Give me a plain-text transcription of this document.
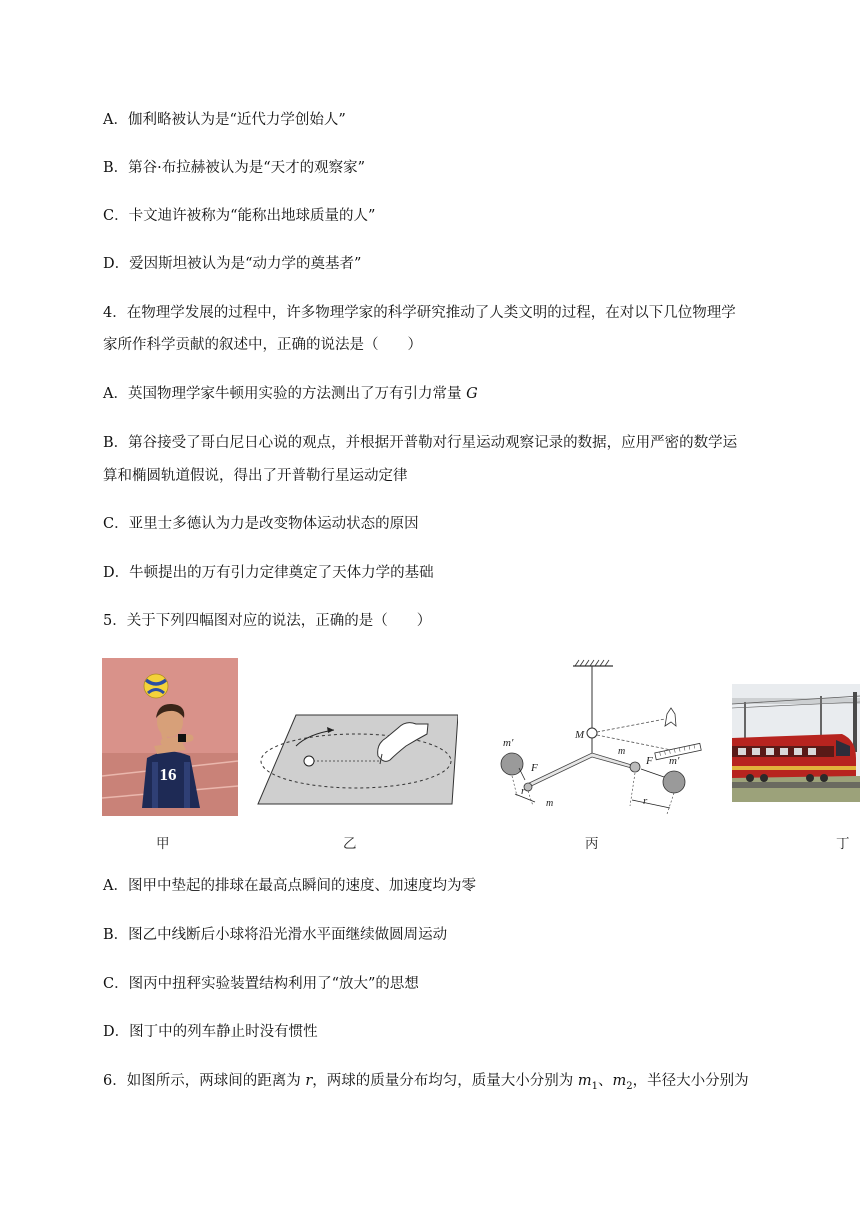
A．伽利略被认为是“近代力学创始人”
B．第谷·布拉赫被认为是“天才的观察家”
C．卡文迪许被称为“能称出地球质量的人”
D．爱因斯坦被认为是“动力学的奠基者”
4．在物理学发展的过程中，许多物理学家的科学研究推动了人类文明的过程，在对以下几位物理学
家所作科学贡献的叙述中，正确的说法是（　　）
A．英国物理学家牛顿用实验的方法测出了万有引力常量 G
B．第谷接受了哥白尼日心说的观点，并根据开普勒对行星运动观察记录的数据，应用严密的数学运
算和椭圆轨道假说，得出了开普勒行星运动定律
C．亚里士多德认为力是改变物体运动状态的原因
D．牛顿提出的万有引力定律奠定了天体力学的基础
5．关于下列四幅图对应的说法，正确的是（　　）
16
甲	乙
M
m′
m′
m
m
F
F
r
r
丙	丁
A．图甲中垫起的排球在最高点瞬间的速度、加速度均为零
B．图乙中线断后小球将沿光滑水平面继续做圆周运动
C．图丙中扭秤实验装置结构利用了“放大”的思想
D．图丁中的列车静止时没有惯性
6．如图所示，两球间的距离为 r，两球的质量分布均匀，质量大小分别为 $m_1$、$m_2$，半径大小分别为
